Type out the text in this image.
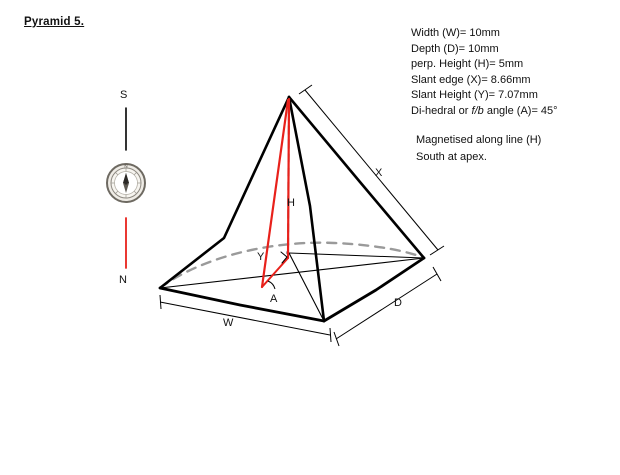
N
Pyramid 5.
Width (W)= 10mm
Depth (D)= 10mm
perp. Height (H)= 5mm
Slant edge (X)= 8.66mm
Slant Height (Y)= 7.07mm
Di-hedral or f/b angle (A)= 45°
Magnetised along line (H)
South at apex.
S
N
H
X
Y
A
W
D
